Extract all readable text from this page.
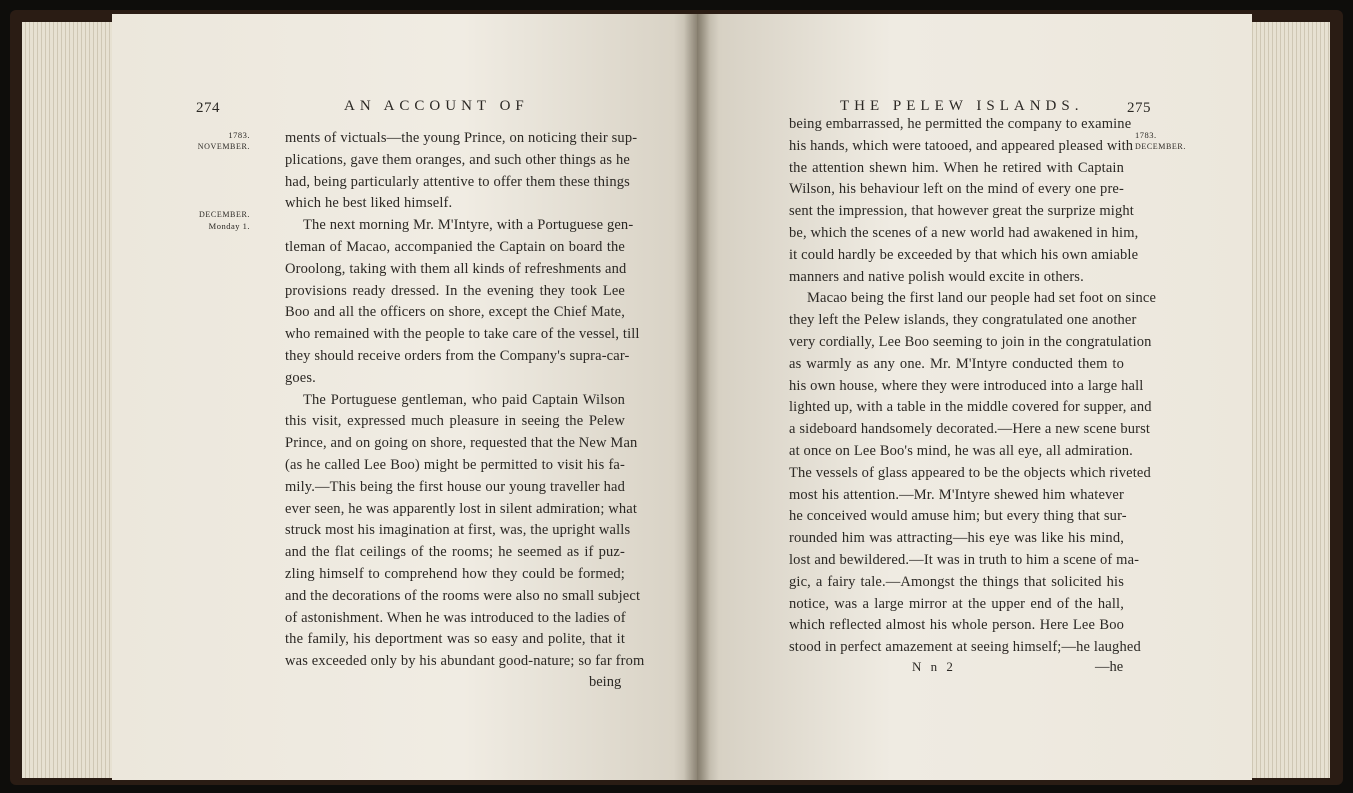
274	AN ACCOUNT OF
1783.
NOVEMBER.
DECEMBER.
Monday 1.
ments of victuals—the young Prince, on noticing their sup-
plications, gave them oranges, and such other things as he
had, being particularly attentive to offer them these things
which he best liked himself.
The next morning Mr. M'Intyre, with a Portuguese gen-
tleman of Macao, accompanied the Captain on board the
Oroolong, taking with them all kinds of refreshments and
provisions ready dressed. In the evening they took Lee
Boo and all the officers on shore, except the Chief Mate,
who remained with the people to take care of the vessel, till
they should receive orders from the Company's supra-car-
goes.
The Portuguese gentleman, who paid Captain Wilson
this visit, expressed much pleasure in seeing the Pelew
Prince, and on going on shore, requested that the New Man
(as he called Lee Boo) might be permitted to visit his fa-
mily.—This being the first house our young traveller had
ever seen, he was apparently lost in silent admiration; what
struck most his imagination at first, was, the upright walls
and the flat ceilings of the rooms; he seemed as if puz-
zling himself to comprehend how they could be formed;
and the decorations of the rooms were also no small subject
of astonishment. When he was introduced to the ladies of
the family, his deportment was so easy and polite, that it
was exceeded only by his abundant good-nature; so far from
being
THE PELEW ISLANDS.	275
1783.
DECEMBER.
being embarrassed, he permitted the company to examine
his hands, which were tatooed, and appeared pleased with
the attention shewn him. When he retired with Captain
Wilson, his behaviour left on the mind of every one pre-
sent the impression, that however great the surprize might
be, which the scenes of a new world had awakened in him,
it could hardly be exceeded by that which his own amiable
manners and native polish would excite in others.
Macao being the first land our people had set foot on since
they left the Pelew islands, they congratulated one another
very cordially, Lee Boo seeming to join in the congratulation
as warmly as any one. Mr. M'Intyre conducted them to
his own house, where they were introduced into a large hall
lighted up, with a table in the middle covered for supper, and
a sideboard handsomely decorated.—Here a new scene burst
at once on Lee Boo's mind, he was all eye, all admiration.
The vessels of glass appeared to be the objects which riveted
most his attention.—Mr. M'Intyre shewed him whatever
he conceived would amuse him; but every thing that sur-
rounded him was attracting—his eye was like his mind,
lost and bewildered.—It was in truth to him a scene of ma-
gic, a fairy tale.—Amongst the things that solicited his
notice, was a large mirror at the upper end of the hall,
which reflected almost his whole person. Here Lee Boo
stood in perfect amazement at seeing himself;—he laughed
N n 2	—he
